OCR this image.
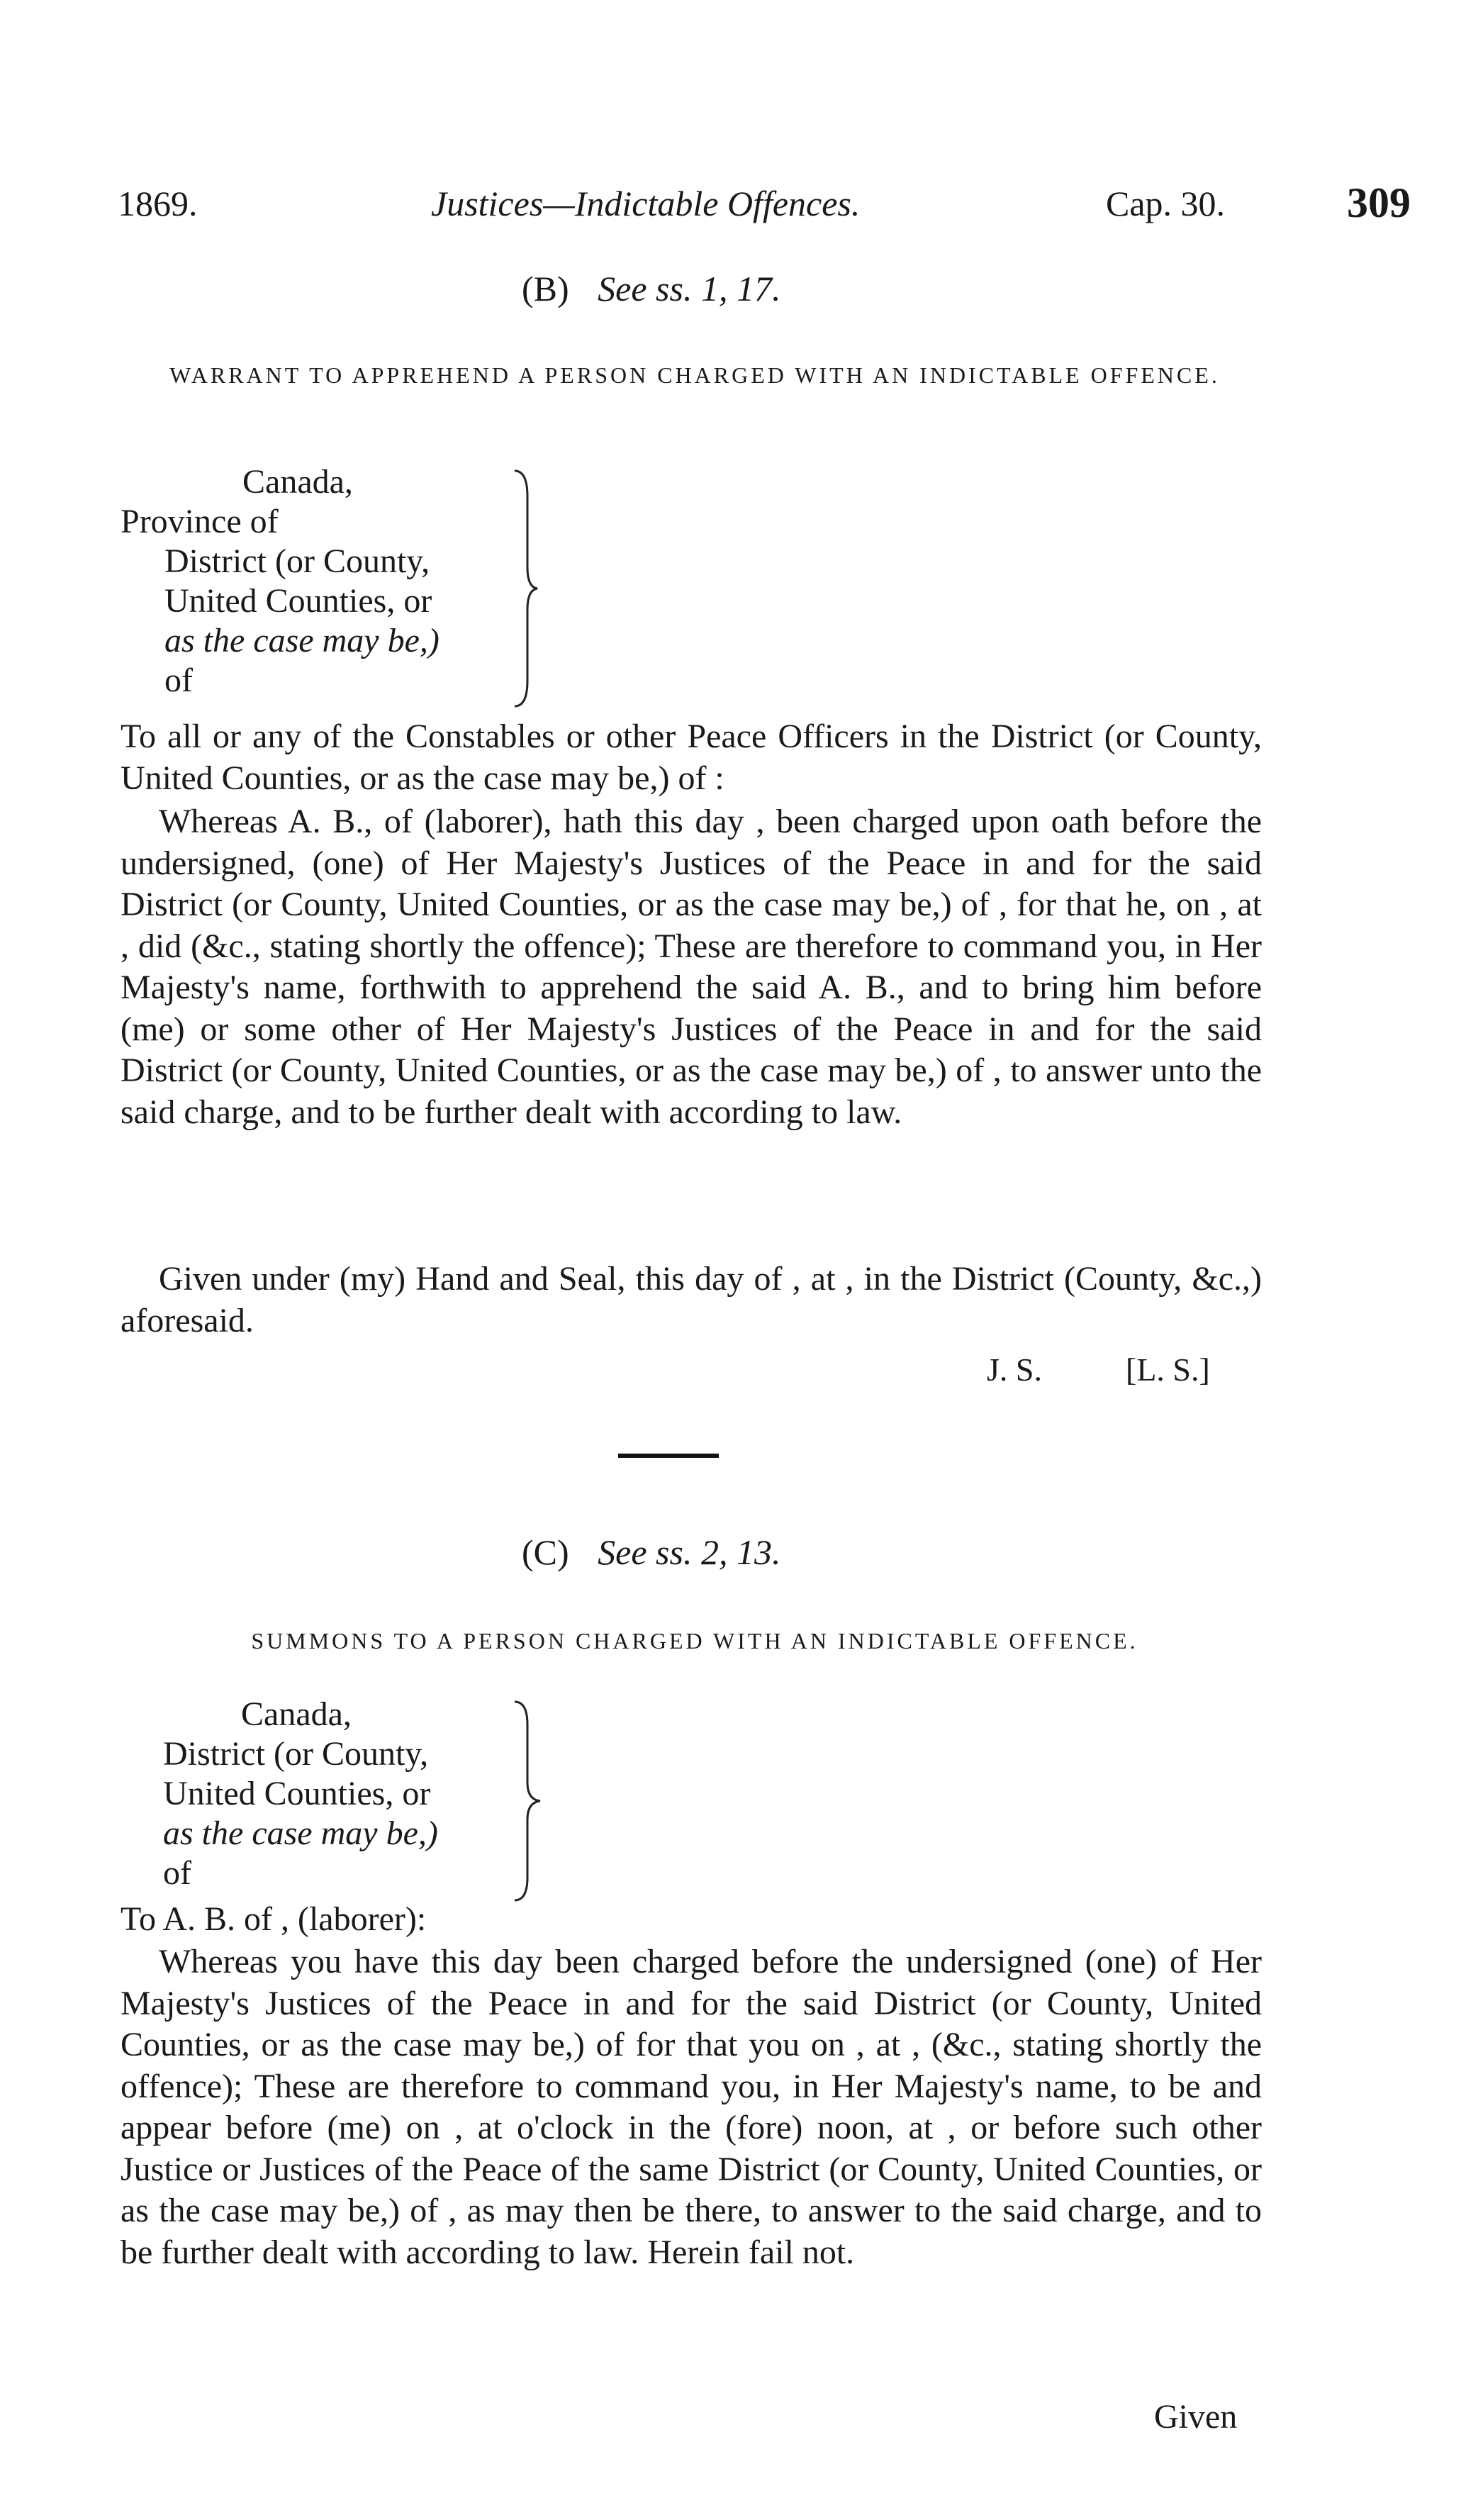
1869.	Justices—Indictable Offences.	Cap. 30.	309
(B) See ss. 1, 17.
WARRANT TO APPREHEND A PERSON CHARGED WITH AN INDICTABLE OFFENCE.
Canada,
Province of
District (or County,
United Counties, or
as the case may be,)
of
To all or any of the Constables or other Peace Officers in the District (or County, United Counties, or as the case may be,) of :
Whereas A. B., of (laborer), hath this day , been charged upon oath before the undersigned, (one) of Her Majesty's Justices of the Peace in and for the said District (or County, United Counties, or as the case may be,) of , for that he, on , at , did (&c., stating shortly the offence); These are therefore to command you, in Her Majesty's name, forthwith to apprehend the said A. B., and to bring him before (me) or some other of Her Majesty's Justices of the Peace in and for the said District (or County, United Counties, or as the case may be,) of , to answer unto the said charge, and to be further dealt with according to law.
Given under (my) Hand and Seal, this day of , at , in the District (County, &c.,) aforesaid.
J. S.	[L. S.]
(C) See ss. 2, 13.
SUMMONS TO A PERSON CHARGED WITH AN INDICTABLE OFFENCE.
Canada,
District (or County,
United Counties, or
as the case may be,)
of
To A. B. of , (laborer):
Whereas you have this day been charged before the undersigned (one) of Her Majesty's Justices of the Peace in and for the said District (or County, United Counties, or as the case may be,) of for that you on , at , (&c., stating shortly the offence); These are therefore to command you, in Her Majesty's name, to be and appear before (me) on , at o'clock in the (fore) noon, at , or before such other Justice or Justices of the Peace of the same District (or County, United Counties, or as the case may be,) of , as may then be there, to answer to the said charge, and to be further dealt with according to law. Herein fail not.
Given
